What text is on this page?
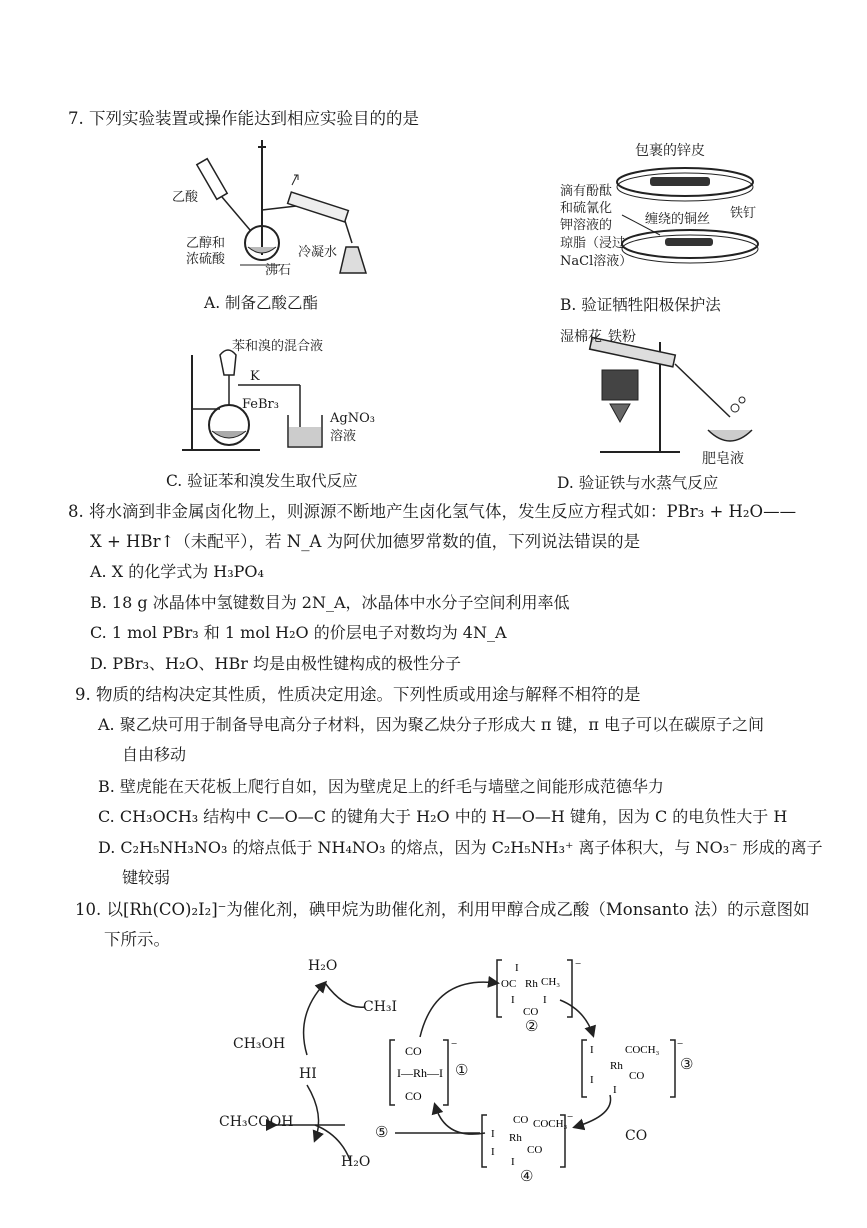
7. 下列实验装置或操作能达到相应实验目的的是
乙酸
乙醇和
浓硫酸
沸石
冷凝水
A. 制备乙酸乙酯
包裹的锌皮
滴有酚酞
和硫氰化
钾溶液的
琼脂（浸过
NaCl溶液）
缠绕的铜丝 铁钉
B. 验证牺牲阳极保护法
苯和溴的混合液
K
FeBr₃
AgNO₃
溶液
C. 验证苯和溴发生取代反应
湿棉花 铁粉
肥皂液
D. 验证铁与水蒸气反应
8. 将水滴到非金属卤化物上，则源源不断地产生卤化氢气体，发生反应方程式如：PBr₃ + H₂O——
X + HBr↑（未配平），若 N_A 为阿伏加德罗常数的值，下列说法错误的是
A. X 的化学式为 H₃PO₄
B. 18 g 冰晶体中氢键数目为 2N_A，冰晶体中水分子空间利用率低
C. 1 mol PBr₃ 和 1 mol H₂O 的价层电子对数均为 4N_A
D. PBr₃、H₂O、HBr 均是由极性键构成的极性分子
9. 物质的结构决定其性质，性质决定用途。下列性质或用途与解释不相符的是
A. 聚乙炔可用于制备导电高分子材料，因为聚乙炔分子形成大 π 键，π 电子可以在碳原子之间
自由移动
B. 壁虎能在天花板上爬行自如，因为壁虎足上的纤毛与墙壁之间能形成范德华力
C. CH₃OCH₃ 结构中 C—O—C 的键角大于 H₂O 中的 H—O—H 键角，因为 C 的电负性大于 H
D. C₂H₅NH₃NO₃ 的熔点低于 NH₄NO₃ 的熔点，因为 C₂H₅NH₃⁺ 离子体积大，与 NO₃⁻ 形成的离子
键较弱
10. 以[Rh(CO)₂I₂]⁻为催化剂，碘甲烷为助催化剂，利用甲醇合成乙酸（Monsanto 法）的示意图如
下所示。
CO
I—Rh—I
CO
−
I
OC Rh CH₃
I	I
CO
−
I
Rh
COCH₃
I
I
CO
−
CO COCH₃
I Rh
I	CO
I
−
H₂O
CH₃OH
HI
CH₃COOH
H₂O
CH₃I
CO
①
②
③
④
⑤
